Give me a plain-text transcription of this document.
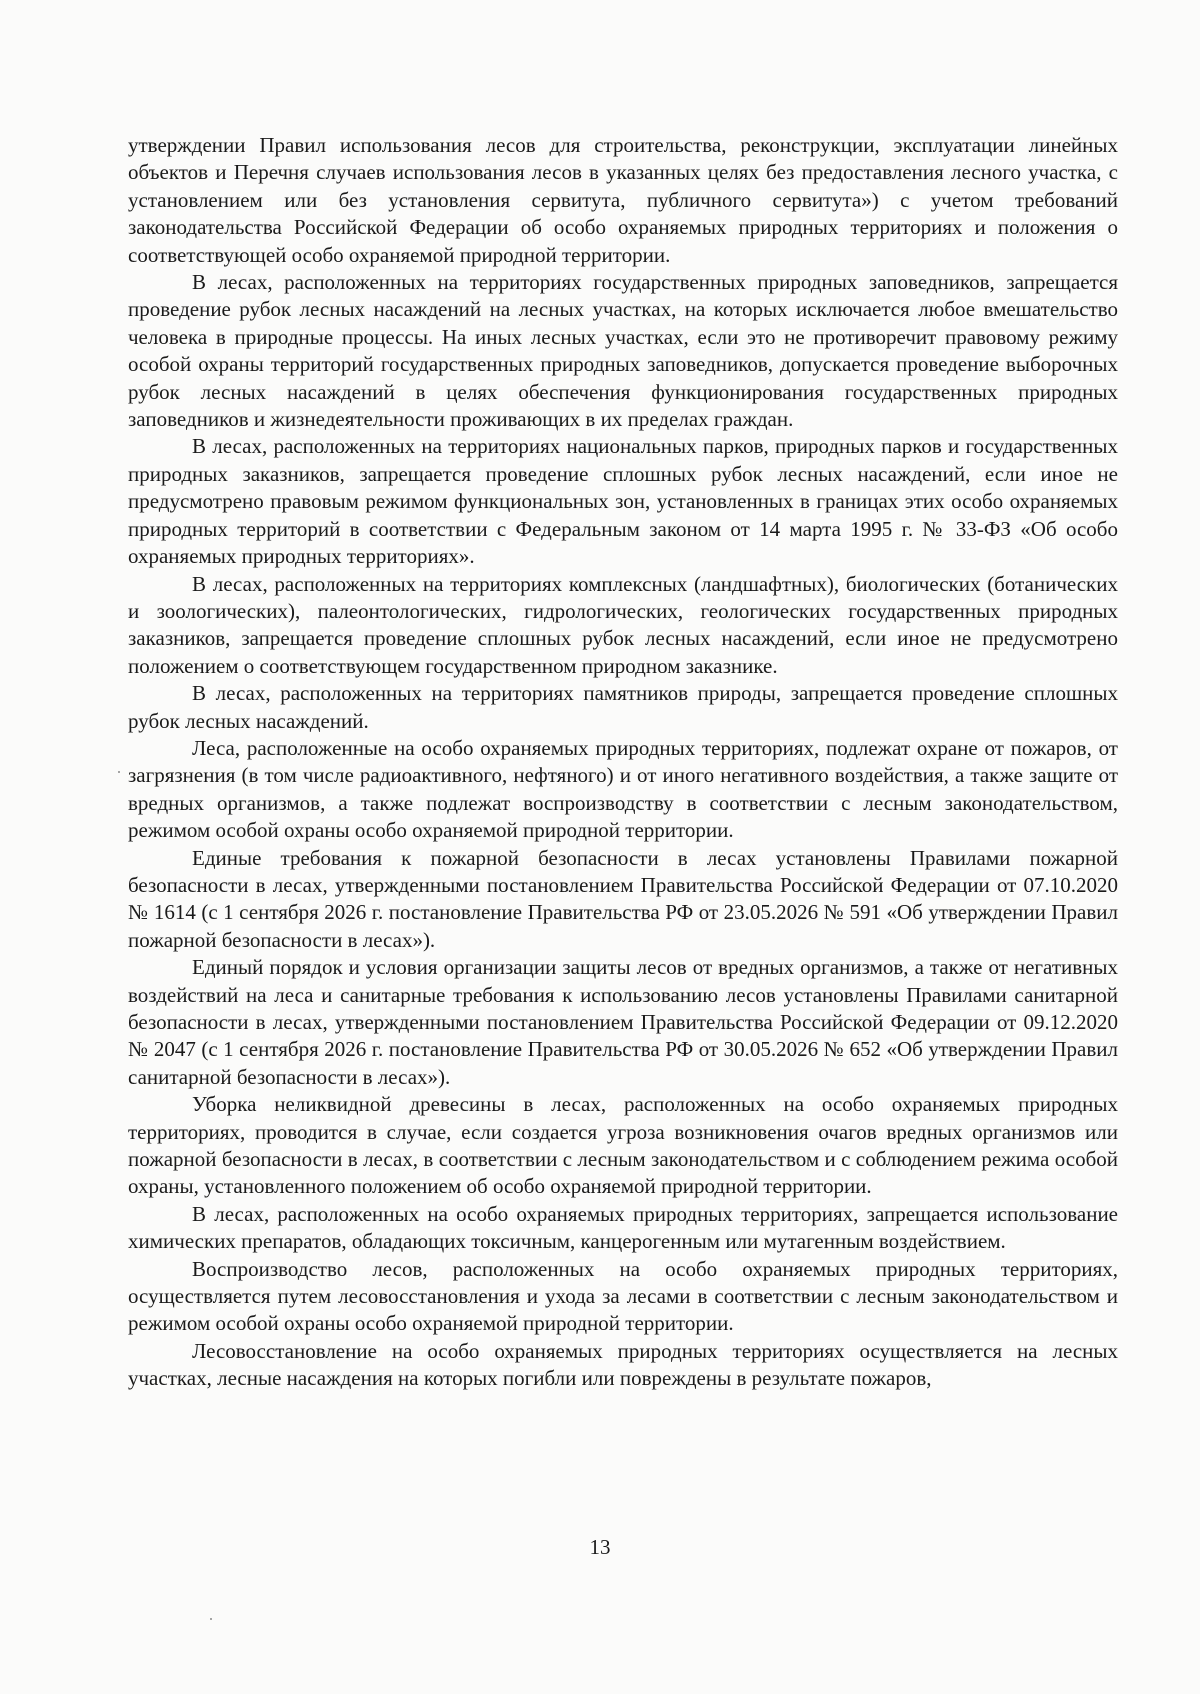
утверждении Правил использования лесов для строительства, реконструкции, эксплуатации линейных объектов и Перечня случаев использования лесов в указанных целях без предоставления лесного участка, с установлением или без установления сервитута, публичного сервитута») с учетом требований законодательства Российской Федерации об особо охраняемых природных территориях и положения о соответствующей особо охраняемой природной территории.

В лесах, расположенных на территориях государственных природных заповедников, запрещается проведение рубок лесных насаждений на лесных участках, на которых исключается любое вмешательство человека в природные процессы. На иных лесных участках, если это не противоречит правовому режиму особой охраны территорий государственных природных заповедников, допускается проведение выборочных рубок лесных насаждений в целях обеспечения функционирования государственных природных заповедников и жизнедеятельности проживающих в их пределах граждан.

В лесах, расположенных на территориях национальных парков, природных парков и государственных природных заказников, запрещается проведение сплошных рубок лесных насаждений, если иное не предусмотрено правовым режимом функциональных зон, установленных в границах этих особо охраняемых природных территорий в соответствии с Федеральным законом от 14 марта 1995 г. № 33-ФЗ «Об особо охраняемых природных территориях».

В лесах, расположенных на территориях комплексных (ландшафтных), биологических (ботанических и зоологических), палеонтологических, гидрологических, геологических государственных природных заказников, запрещается проведение сплошных рубок лесных насаждений, если иное не предусмотрено положением о соответствующем государственном природном заказнике.

В лесах, расположенных на территориях памятников природы, запрещается проведение сплошных рубок лесных насаждений.

Леса, расположенные на особо охраняемых природных территориях, подлежат охране от пожаров, от загрязнения (в том числе радиоактивного, нефтяного) и от иного негативного воздействия, а также защите от вредных организмов, а также подлежат воспроизводству в соответствии с лесным законодательством, режимом особой охраны особо охраняемой природной территории.

Единые требования к пожарной безопасности в лесах установлены Правилами пожарной безопасности в лесах, утвержденными постановлением Правительства Российской Федерации от 07.10.2020 № 1614 (с 1 сентября 2026 г. постановление Правительства РФ от 23.05.2026 № 591 «Об утверждении Правил пожарной безопасности в лесах»).

Единый порядок и условия организации защиты лесов от вредных организмов, а также от негативных воздействий на леса и санитарные требования к использованию лесов установлены Правилами санитарной безопасности в лесах, утвержденными постановлением Правительства Российской Федерации от 09.12.2020 № 2047 (с 1 сентября 2026 г. постановление Правительства РФ от 30.05.2026 № 652 «Об утверждении Правил санитарной безопасности в лесах»).

Уборка неликвидной древесины в лесах, расположенных на особо охраняемых природных территориях, проводится в случае, если создается угроза возникновения очагов вредных организмов или пожарной безопасности в лесах, в соответствии с лесным законодательством и с соблюдением режима особой охраны, установленного положением об особо охраняемой природной территории.

В лесах, расположенных на особо охраняемых природных территориях, запрещается использование химических препаратов, обладающих токсичным, канцерогенным или мутагенным воздействием.

Воспроизводство лесов, расположенных на особо охраняемых природных территориях, осуществляется путем лесовосстановления и ухода за лесами в соответствии с лесным законодательством и режимом особой охраны особо охраняемой природной территории.

Лесовосстановление на особо охраняемых природных территориях осуществляется на лесных участках, лесные насаждения на которых погибли или повреждены в результате пожаров,

13
